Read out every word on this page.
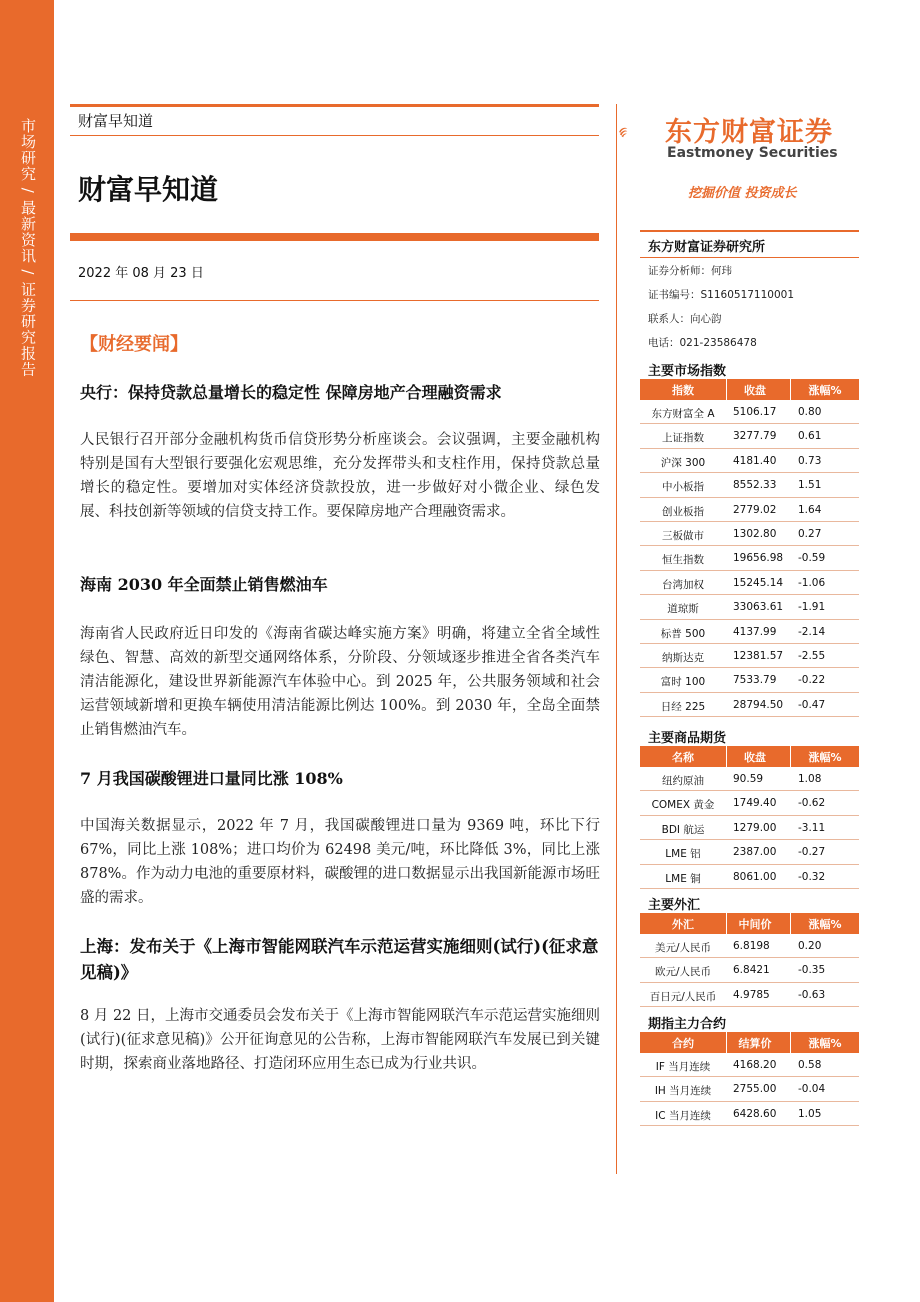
市场研究 / 最新资讯 / 证券研究报告	财富早知道
财富早知道
2022 年 08 月 23 日
东方财富证券
Eastmoney Securities
挖掘价值 投资成长
【财经要闻】
央行：保持贷款总量增长的稳定性 保障房地产合理融资需求
人民银行召开部分金融机构货币信贷形势分析座谈会。会议强调，主要金融机构特别是国有大型银行要强化宏观思维，充分发挥带头和支柱作用，保持贷款总量增长的稳定性。要增加对实体经济贷款投放，进一步做好对小微企业、绿色发展、科技创新等领域的信贷支持工作。要保障房地产合理融资需求。
海南 2030 年全面禁止销售燃油车
海南省人民政府近日印发的《海南省碳达峰实施方案》明确，将建立全省全域性绿色、智慧、高效的新型交通网络体系，分阶段、分领域逐步推进全省各类汽车清洁能源化，建设世界新能源汽车体验中心。到 2025 年，公共服务领域和社会运营领域新增和更换车辆使用清洁能源比例达 100%。到 2030 年，全岛全面禁止销售燃油汽车。
7 月我国碳酸锂进口量同比涨 108%
中国海关数据显示，2022 年 7 月，我国碳酸锂进口量为 9369 吨，环比下行 67%，同比上涨 108%；进口均价为 62498 美元/吨，环比降低 3%，同比上涨 878%。作为动力电池的重要原材料，碳酸锂的进口数据显示出我国新能源市场旺盛的需求。
上海：发布关于《上海市智能网联汽车示范运营实施细则(试行)(征求意见稿)》
8 月 22 日，上海市交通委员会发布关于《上海市智能网联汽车示范运营实施细则(试行)(征求意见稿)》公开征询意见的公告称，上海市智能网联汽车发展已到关键时期，探索商业落地路径、打造闭环应用生态已成为行业共识。
东方财富证券研究所
证券分析师：何玮
证书编号：S1160517110001
联系人：向心韵
电话：021-23586478
主要市场指数
指数	收盘	涨幅%
东方财富全 A	5106.17 0.80
上证指数	3277.79 0.61
沪深 300	4181.40 0.73
中小板指	8552.33 1.51
创业板指	2779.02 1.64
三板做市	1302.80 0.27
恒生指数	19656.98 -0.59
台湾加权	15245.14 -1.06
道琼斯	33063.61 -1.91
标普 500	4137.99 -2.14
纳斯达克	12381.57 -2.55
富时 100	7533.79 -0.22
日经 225	28794.50 -0.47
主要商品期货
名称	收盘	涨幅%
纽约原油	90.59	1.08
COMEX 黄金	1749.40 -0.62
BDI 航运	1279.00 -3.11
LME 铝	2387.00 -0.27
LME 铜	8061.00 -0.32
主要外汇
外汇	中间价	涨幅%
美元/人民币	6.8198	0.20
欧元/人民币	6.8421	-0.35
百日元/人民币	4.9785	-0.63
期指主力合约
合约	结算价	涨幅%
IF 当月连续	4168.20 0.58
IH 当月连续	2755.00 -0.04
IC 当月连续	6428.60 1.05
